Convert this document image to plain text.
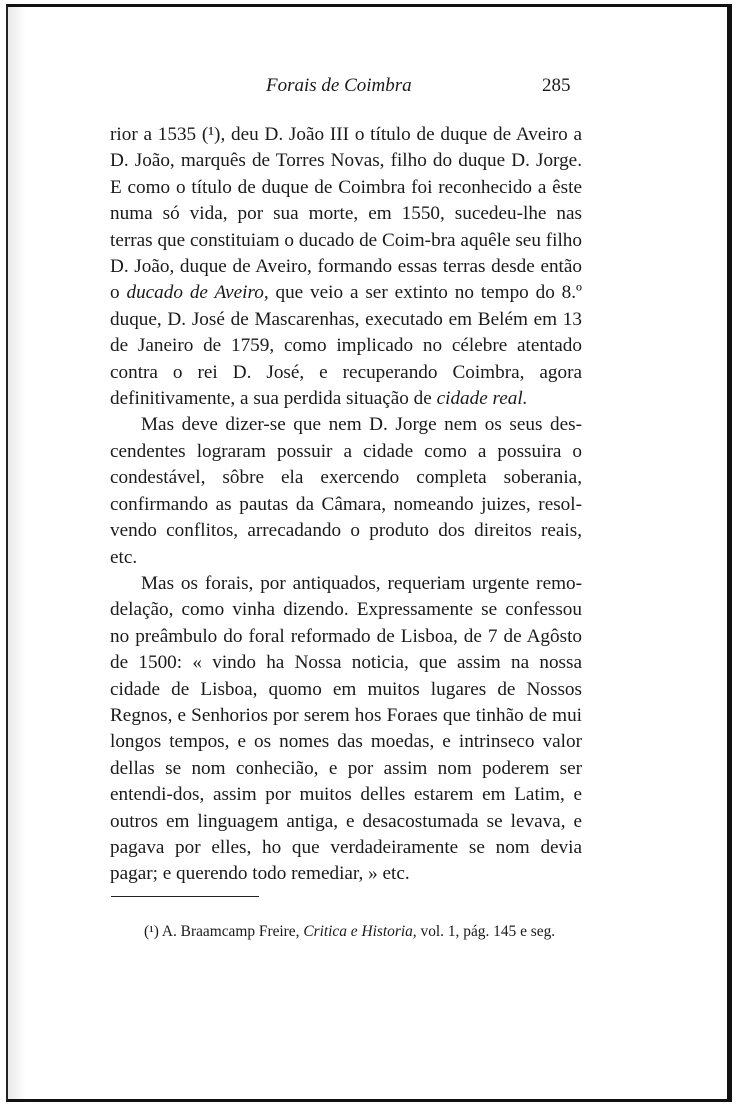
Forais de Coimbra	285

rior a 1535 (¹), deu D. João III o título de duque de Aveiro a D. João, marquês de Torres Novas, filho do duque D. Jorge. E como o título de duque de Coimbra foi reconhecido a êste numa só vida, por sua morte, em 1550, sucedeu-lhe nas terras que constituiam o ducado de Coim-bra aquêle seu filho D. João, duque de Aveiro, formando essas terras desde então o ducado de Aveiro, que veio a ser extinto no tempo do 8.º duque, D. José de Mascarenhas, executado em Belém em 13 de Janeiro de 1759, como implicado no célebre atentado contra o rei D. José, e recuperando Coimbra, agora definitivamente, a sua perdida situação de cidade real.

Mas deve dizer-se que nem D. Jorge nem os seus des-cendentes lograram possuir a cidade como a possuira o condestável, sôbre ela exercendo completa soberania, confirmando as pautas da Câmara, nomeando juizes, resol-vendo conflitos, arrecadando o produto dos direitos reais, etc.

Mas os forais, por antiquados, requeriam urgente remo-delação, como vinha dizendo. Expressamente se confessou no preâmbulo do foral reformado de Lisboa, de 7 de Agôsto de 1500: « vindo ha Nossa noticia, que assim na nossa cidade de Lisboa, quomo em muitos lugares de Nossos Regnos, e Senhorios por serem hos Foraes que tinhão de mui longos tempos, e os nomes das moedas, e intrinseco valor dellas se nom conhecião, e por assim nom poderem ser entendi-dos, assim por muitos delles estarem em Latim, e outros em linguagem antiga, e desacostumada se levava, e pagava por elles, ho que verdadeiramente se nom devia pagar; e querendo todo remediar, » etc.

(¹) A. Braamcamp Freire, Critica e Historia, vol. 1, pág. 145 e seg.
